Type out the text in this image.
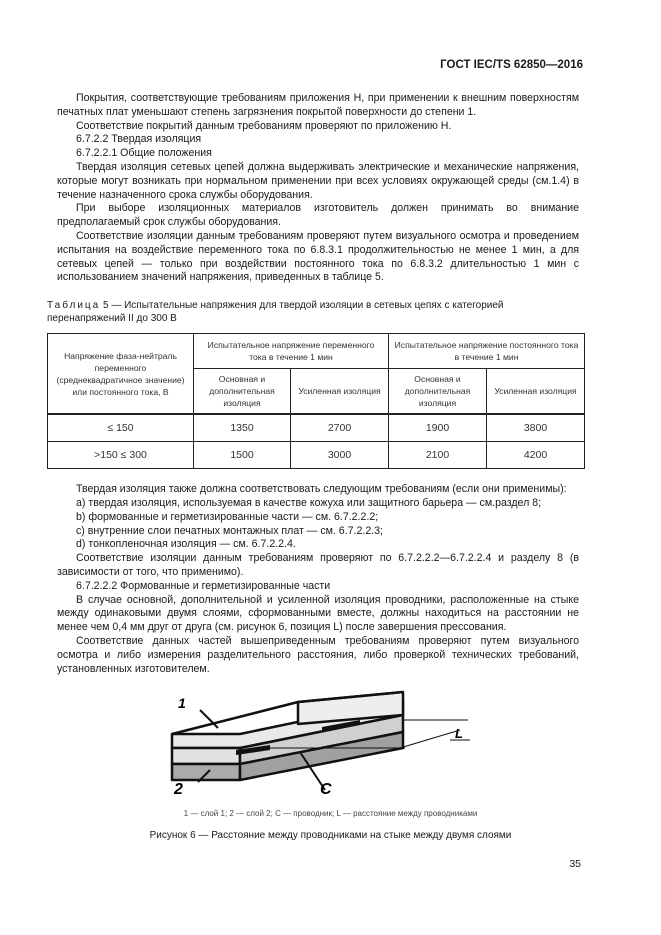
ГОСТ IEC/TS 62850—2016

Покрытия, соответствующие требованиям приложения Н, при применении к внешним поверхностям печатных плат уменьшают степень загрязнения покрытой поверхности до степени 1.

Соответствие покрытий данным требованиям проверяют по приложению Н.

6.7.2.2 Твердая изоляция

6.7.2.2.1 Общие положения

Твердая изоляция сетевых цепей должна выдерживать электрические и механические напряжения, которые могут возникать при нормальном применении при всех условиях окружающей среды (см.1.4) в течение назначенного срока службы оборудования.

При выборе изоляционных материалов изготовитель должен принимать во внимание предполагаемый срок службы оборудования.

Соответствие изоляции данным требованиям проверяют путем визуального осмотра и проведением испытания на воздействие переменного тока по 6.8.3.1 продолжительностью не менее 1 мин, а для сетевых цепей — только при воздействии постоянного тока по 6.8.3.2 длительностью 1 мин с использованием значений напряжения, приведенных в таблице 5.

Таблица 5 — Испытательные напряжения для твердой изоляции в сетевых цепях с категорией перенапряжений II до 300 В
Напряжение фаза-нейтраль переменного (среднеквадратичное значение) или постоянного тока, В	Испытательное напряжение переменного тока в течение 1 мин		Испытательное напряжение постоянного тока в течение 1 мин	
	Основная и дополнительная изоляция	Усиленная изоляция	Основная и дополнительная изоляция	Усиленная изоляция
≤ 150	1350	2700	1900	3800
>150 ≤ 300	1500	3000	2100	4200

Твердая изоляция также должна соответствовать следующим требованиям (если они применимы):

a) твердая изоляция, используемая в качестве кожуха или защитного барьера — см.раздел 8;

b) формованные и герметизированные части — см. 6.7.2.2.2;

c) внутренние слои печатных монтажных плат — см. 6.7.2.2.3;

d) тонкопленочная изоляция — см. 6.7.2.2.4.

Соответствие изоляции данным требованиям проверяют по 6.7.2.2.2—6.7.2.2.4 и разделу 8 (в зависимости от того, что применимо).

6.7.2.2.2 Формованные и герметизированные части

В случае основной, дополнительной и усиленной изоляция проводники, расположенные на стыке между одинаковыми двумя слоями, сформованными вместе, должны находиться на расстоянии не менее чем 0,4 мм друг от друга (см. рисунок 6, позиция L) после завершения прессования.

Соответствие данных частей вышеприведенным требованиям проверяют путем визуального осмотра и либо измерения разделительного расстояния, либо проверкой технических требований, установленных изготовителем.

1
2	C
L
1 — слой 1; 2 — слой 2; C — проводник; L — расстояние между проводниками
Рисунок 6 — Расстояние между проводниками на стыке между двумя слоями
35
